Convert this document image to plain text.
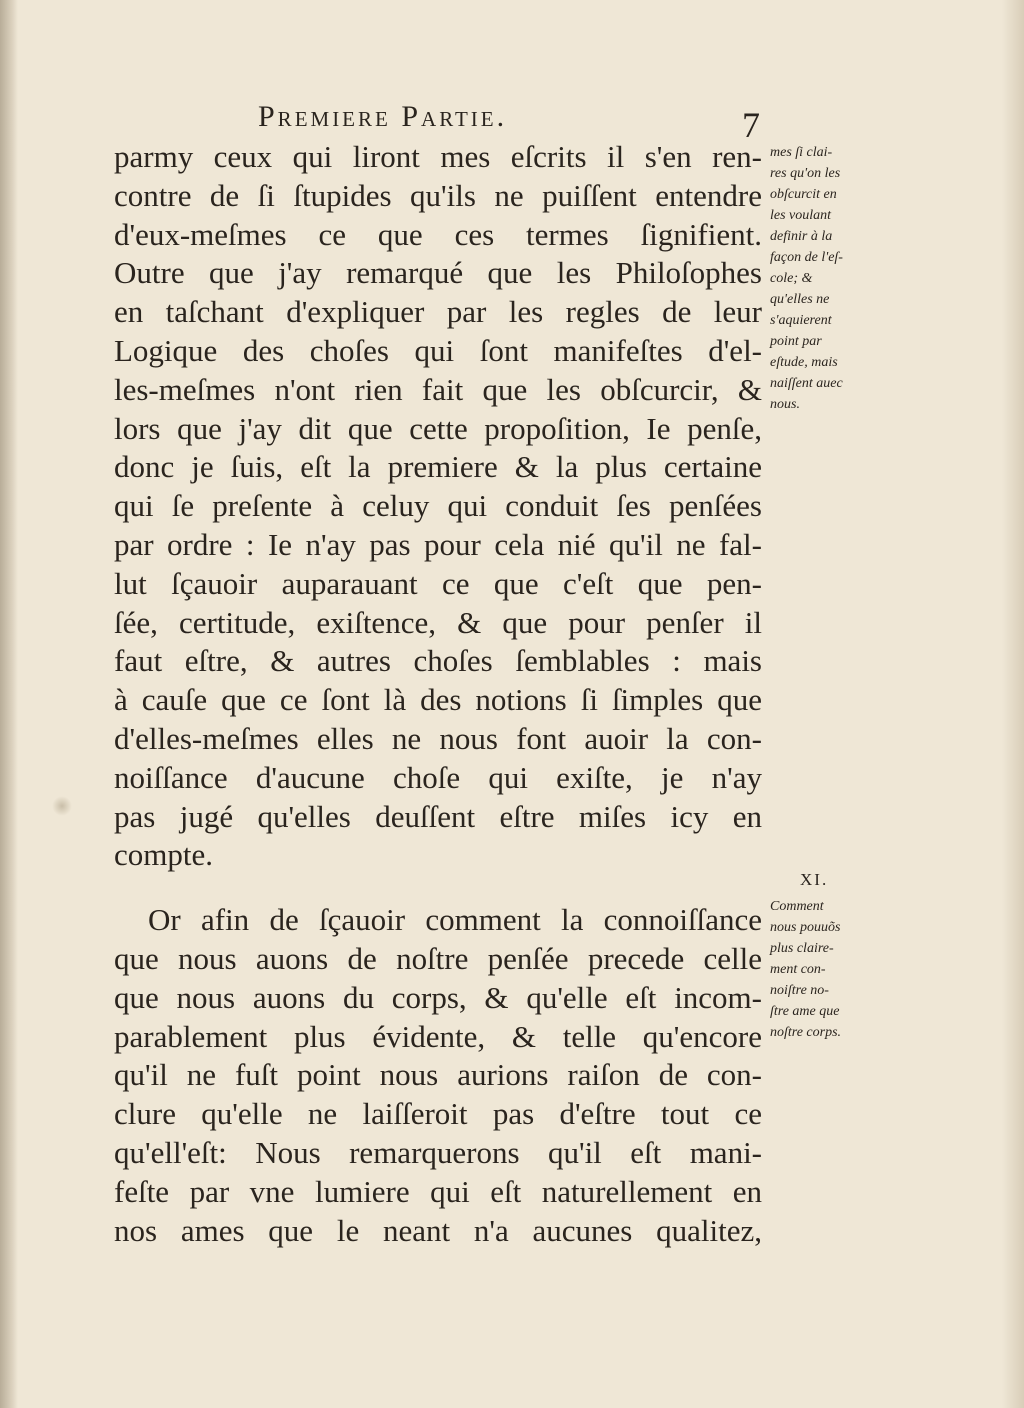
Premiere Partie.	7
parmy ceux qui liront mes eſcrits il s'en ren-
contre de ſi ſtupides qu'ils ne puiſſent entendre
d'eux-meſmes ce que ces termes ſignifient.
Outre que j'ay remarqué que les Philoſophes
en taſchant d'expliquer par les regles de leur
Logique des choſes qui ſont manifeſtes d'el-
les-meſmes n'ont rien fait que les obſcurcir, &
lors que j'ay dit que cette propoſition, Ie penſe,
donc je ſuis, eſt la premiere & la plus certaine
qui ſe preſente à celuy qui conduit ſes penſées
par ordre : Ie n'ay pas pour cela nié qu'il ne fal-
lut ſçauoir auparauant ce que c'eſt que pen-
ſée, certitude, exiſtence, & que pour penſer il
faut eſtre, & autres choſes ſemblables : mais
à cauſe que ce ſont là des notions ſi ſimples que
d'elles-meſmes elles ne nous font auoir la con-
noiſſance d'aucune choſe qui exiſte, je n'ay
pas jugé qu'elles deuſſent eſtre miſes icy en
compte.
Or afin de ſçauoir comment la connoiſſance
que nous auons de noſtre penſée precede celle
que nous auons du corps, & qu'elle eſt incom-
parablement plus évidente, & telle qu'encore
qu'il ne fuſt point nous aurions raiſon de con-
clure qu'elle ne laiſſeroit pas d'eſtre tout ce
qu'ell'eſt: Nous remarquerons qu'il eſt mani-
feſte par vne lumiere qui eſt naturellement en
nos ames que le neant n'a aucunes qualitez,
mes ſi clai-
res qu'on les
obſcurcit en
les voulant
definir à la
façon de l'eſ-
cole; &
qu'elles ne
s'aquierent
point par
eſtude, mais
naiſſent auec
nous.
XI.
Comment
nous pouuõs
plus claire-
ment con-
noiſtre no-
ſtre ame que
noſtre corps.
